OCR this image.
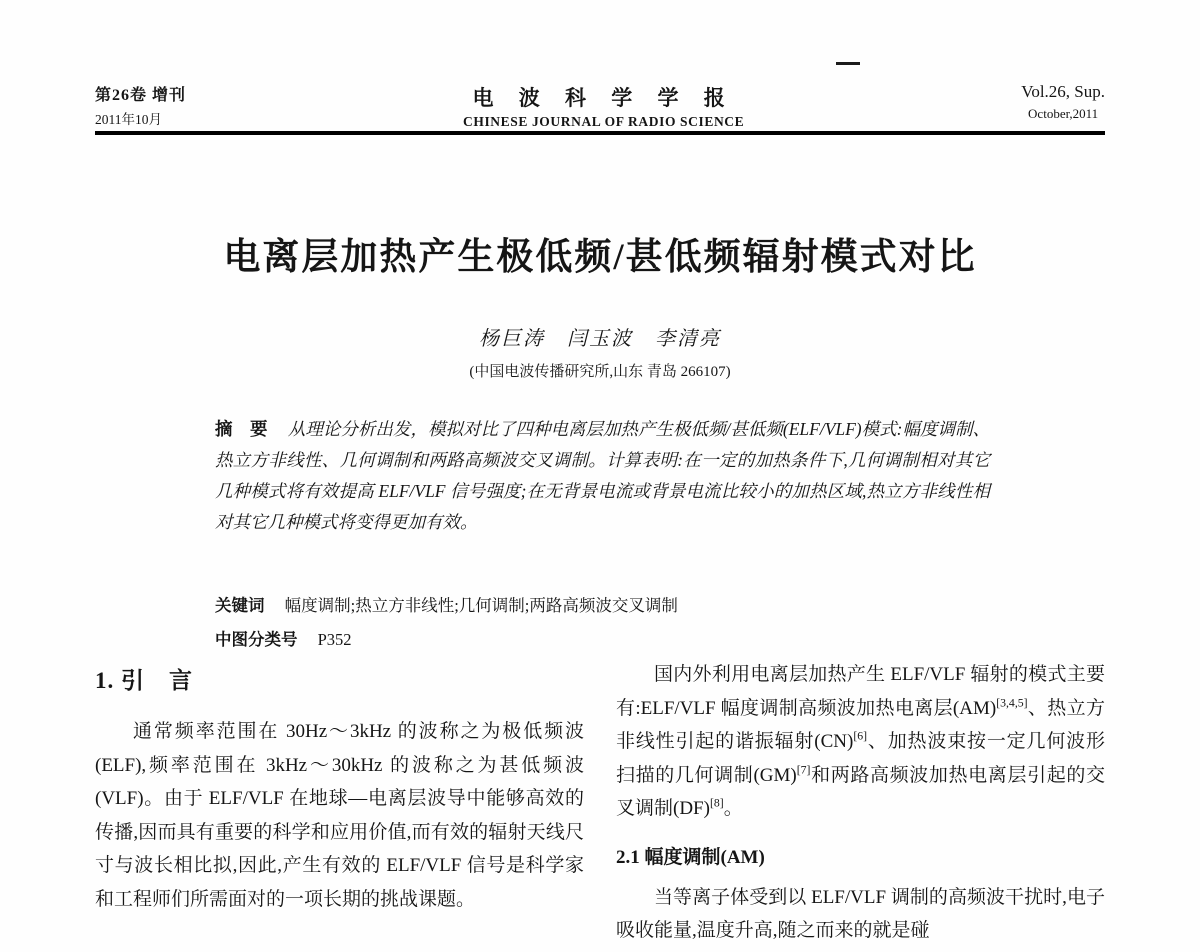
第26卷 增刊
2011年10月
电 波 科 学 学 报
CHINESE JOURNAL OF RADIO SCIENCE
Vol.26, Sup.
October,2011
电离层加热产生极低频/甚低频辐射模式对比
杨巨涛　闫玉波　李清亮
(中国电波传播研究所,山东 青岛 266107)

摘　要 从理论分析出发，模拟对比了四种电离层加热产生极低频/甚低频(ELF/VLF)模式:幅度调制、热立方非线性、几何调制和两路高频波交叉调制。计算表明:在一定的加热条件下,几何调制相对其它几种模式将有效提高 ELF/VLF 信号强度;在无背景电流或背景电流比较小的加热区域,热立方非线性相对其它几种模式将变得更加有效。

关键词 幅度调制;热立方非线性;几何调制;两路高频波交叉调制

中图分类号 P352

1. 引　言

通常频率范围在 30Hz～3kHz 的波称之为极低频波(ELF),频率范围在 3kHz～30kHz 的波称之为甚低频波(VLF)。由于 ELF/VLF 在地球—电离层波导中能够高效的传播,因而具有重要的科学和应用价值,而有效的辐射天线尺寸与波长相比拟,因此,产生有效的 ELF/VLF 信号是科学家和工程师们所需面对的一项长期的挑战课题。

国内外利用电离层加热产生 ELF/VLF 辐射的模式主要有:ELF/VLF 幅度调制高频波加热电离层(AM)[3,4,5]、热立方非线性引起的谐振辐射(CN)[6]、加热波束按一定几何波形扫描的几何调制(GM)[7]和两路高频波加热电离层引起的交叉调制(DF)[8]。

2.1 幅度调制(AM)

当等离子体受到以 ELF/VLF 调制的高频波干扰时,电子吸收能量,温度升高,随之而来的就是碰
